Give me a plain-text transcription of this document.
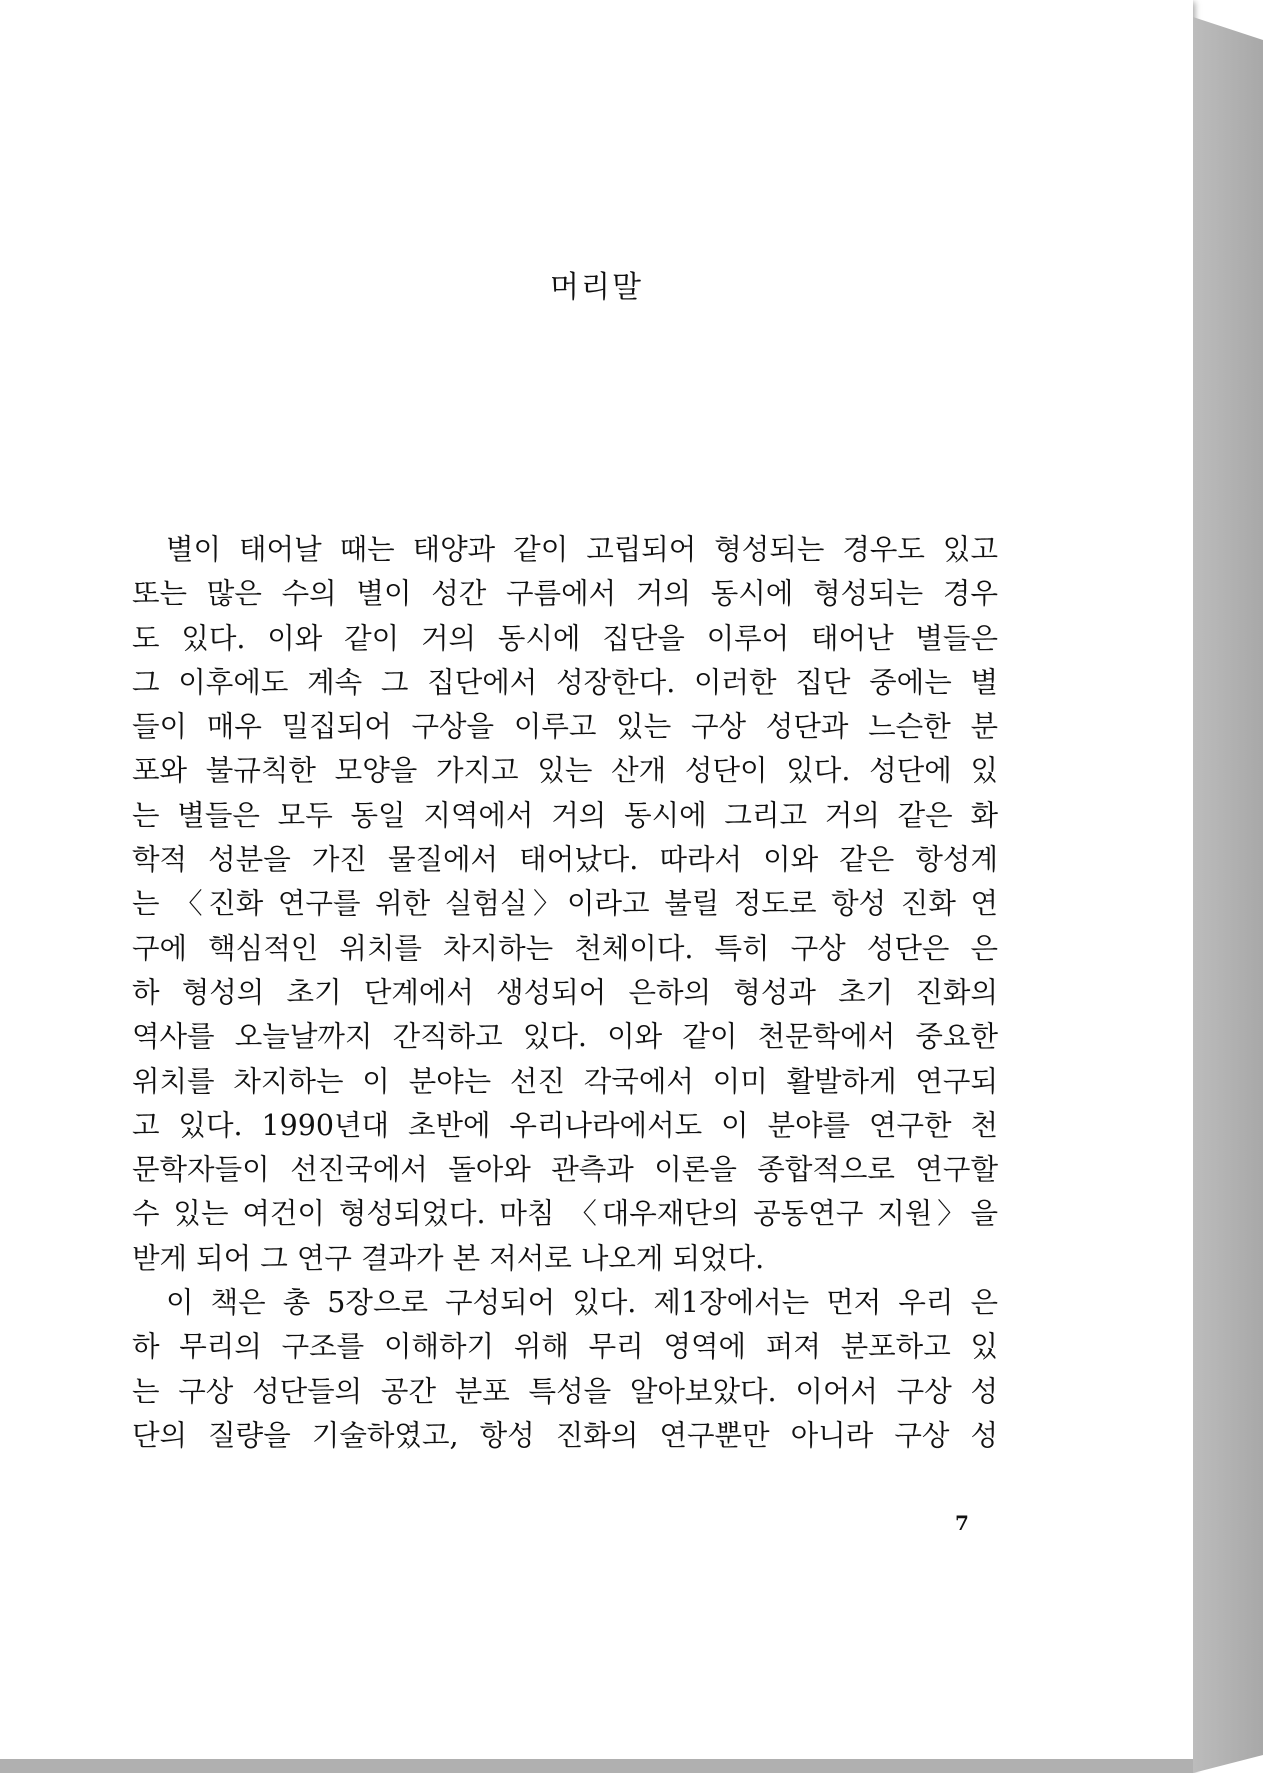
머리말
별이 태어날 때는 태양과 같이 고립되어 형성되는 경우도 있고
또는 많은 수의 별이 성간 구름에서 거의 동시에 형성되는 경우
도 있다. 이와 같이 거의 동시에 집단을 이루어 태어난 별들은
그 이후에도 계속 그 집단에서 성장한다. 이러한 집단 중에는 별
들이 매우 밀집되어 구상을 이루고 있는 구상 성단과 느슨한 분
포와 불규칙한 모양을 가지고 있는 산개 성단이 있다. 성단에 있
는 별들은 모두 동일 지역에서 거의 동시에 그리고 거의 같은 화
학적 성분을 가진 물질에서 태어났다. 따라서 이와 같은 항성계
는 〈진화 연구를 위한 실험실〉이라고 불릴 정도로 항성 진화 연
구에 핵심적인 위치를 차지하는 천체이다. 특히 구상 성단은 은
하 형성의 초기 단계에서 생성되어 은하의 형성과 초기 진화의
역사를 오늘날까지 간직하고 있다. 이와 같이 천문학에서 중요한
위치를 차지하는 이 분야는 선진 각국에서 이미 활발하게 연구되
고 있다. 1990년대 초반에 우리나라에서도 이 분야를 연구한 천
문학자들이 선진국에서 돌아와 관측과 이론을 종합적으로 연구할
수 있는 여건이 형성되었다. 마침 〈대우재단의 공동연구 지원〉을
받게 되어 그 연구 결과가 본 저서로 나오게 되었다.
이 책은 총 5장으로 구성되어 있다. 제1장에서는 먼저 우리 은
하 무리의 구조를 이해하기 위해 무리 영역에 퍼져 분포하고 있
는 구상 성단들의 공간 분포 특성을 알아보았다. 이어서 구상 성
단의 질량을 기술하였고, 항성 진화의 연구뿐만 아니라 구상 성
7
